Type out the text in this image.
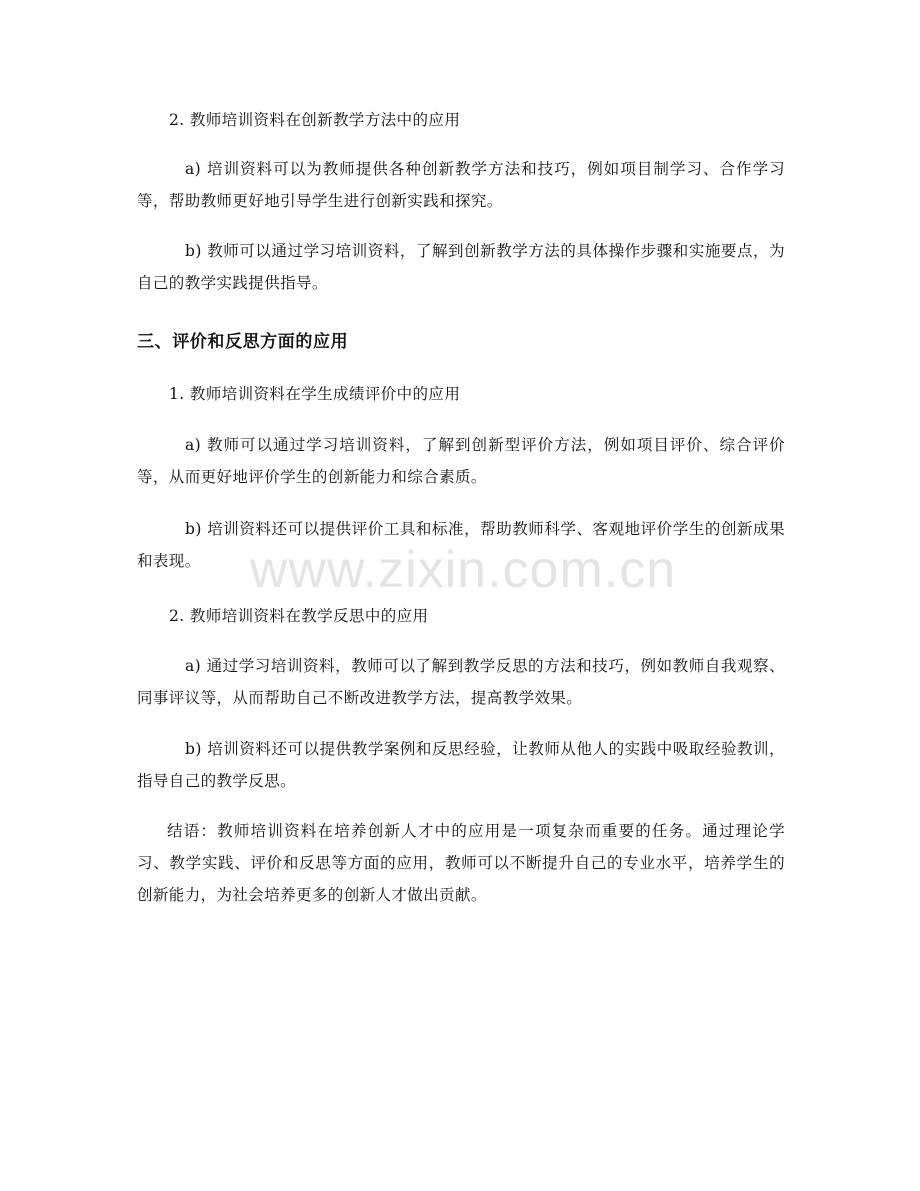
2. 教师培训资料在创新教学方法中的应用
a) 培训资料可以为教师提供各种创新教学方法和技巧，例如项目制学习、合作学习等，帮助教师更好地引导学生进行创新实践和探究。
b) 教师可以通过学习培训资料，了解到创新教学方法的具体操作步骤和实施要点，为自己的教学实践提供指导。
三、评价和反思方面的应用
1. 教师培训资料在学生成绩评价中的应用
a) 教师可以通过学习培训资料，了解到创新型评价方法，例如项目评价、综合评价等，从而更好地评价学生的创新能力和综合素质。
b) 培训资料还可以提供评价工具和标准，帮助教师科学、客观地评价学生的创新成果和表现。
2. 教师培训资料在教学反思中的应用
a) 通过学习培训资料，教师可以了解到教学反思的方法和技巧，例如教师自我观察、同事评议等，从而帮助自己不断改进教学方法，提高教学效果。
b) 培训资料还可以提供教学案例和反思经验，让教师从他人的实践中吸取经验教训，指导自己的教学反思。
结语：教师培训资料在培养创新人才中的应用是一项复杂而重要的任务。通过理论学习、教学实践、评价和反思等方面的应用，教师可以不断提升自己的专业水平，培养学生的创新能力，为社会培养更多的创新人才做出贡献。
www.zixin.com.cn
